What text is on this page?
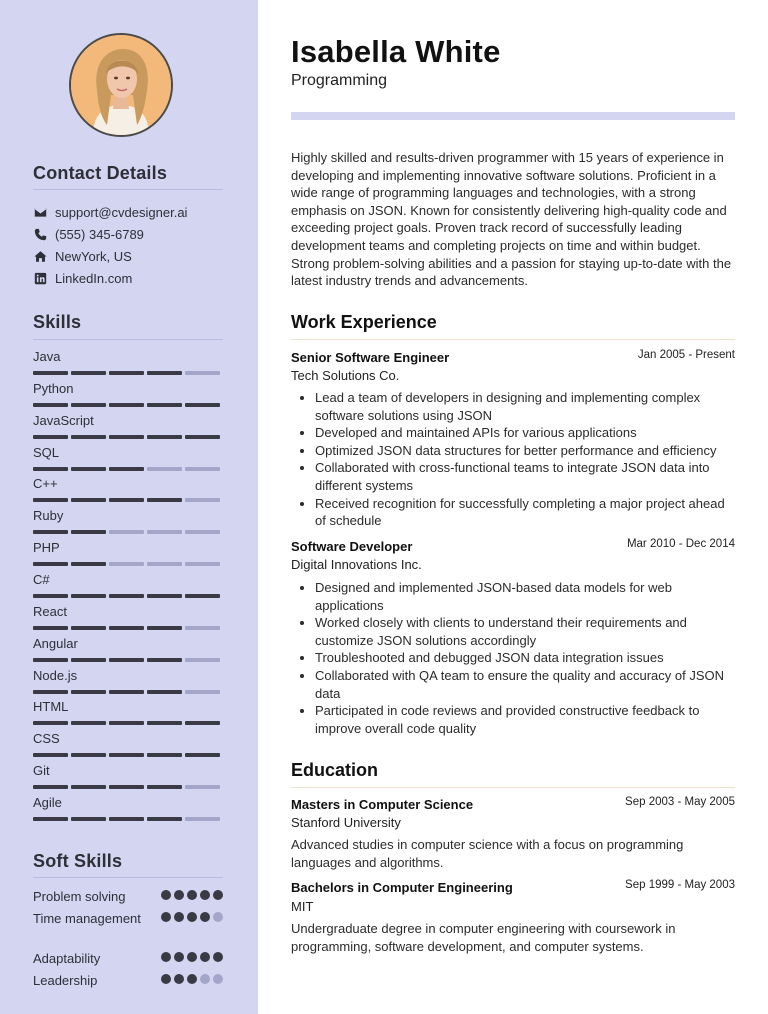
Contact Details
support@cvdesigner.ai
(555) 345-6789
NewYork, US
LinkedIn.com
Skills
Java
Python
JavaScript
SQL
C++
Ruby
PHP
C#
React
Angular
Node.js
HTML
CSS
Git
Agile
Soft Skills
Problem solving
Time management
Adaptability
Leadership
Isabella White
Programming
Highly skilled and results-driven programmer with 15 years of experience in developing and implementing innovative software solutions. Proficient in a wide range of programming languages and technologies, with a strong emphasis on JSON. Known for consistently delivering high-quality code and exceeding project goals. Proven track record of successfully leading development teams and completing projects on time and within budget. Strong problem-solving abilities and a passion for staying up-to-date with the latest industry trends and advancements.
Work Experience
Senior Software Engineer	Jan 2005 - Present
Tech Solutions Co.
• Lead a team of developers in designing and implementing complex software solutions using JSON
• Developed and maintained APIs for various applications
• Optimized JSON data structures for better performance and efficiency
• Collaborated with cross-functional teams to integrate JSON data into different systems
• Received recognition for successfully completing a major project ahead of schedule
Software Developer	Mar 2010 - Dec 2014
Digital Innovations Inc.
• Designed and implemented JSON-based data models for web applications
• Worked closely with clients to understand their requirements and customize JSON solutions accordingly
• Troubleshooted and debugged JSON data integration issues
• Collaborated with QA team to ensure the quality and accuracy of JSON data
• Participated in code reviews and provided constructive feedback to improve overall code quality
Education
Masters in Computer Science	Sep 2003 - May 2005
Stanford University
Advanced studies in computer science with a focus on programming languages and algorithms.
Bachelors in Computer Engineering	Sep 1999 - May 2003
MIT
Undergraduate degree in computer engineering with coursework in programming, software development, and computer systems.
